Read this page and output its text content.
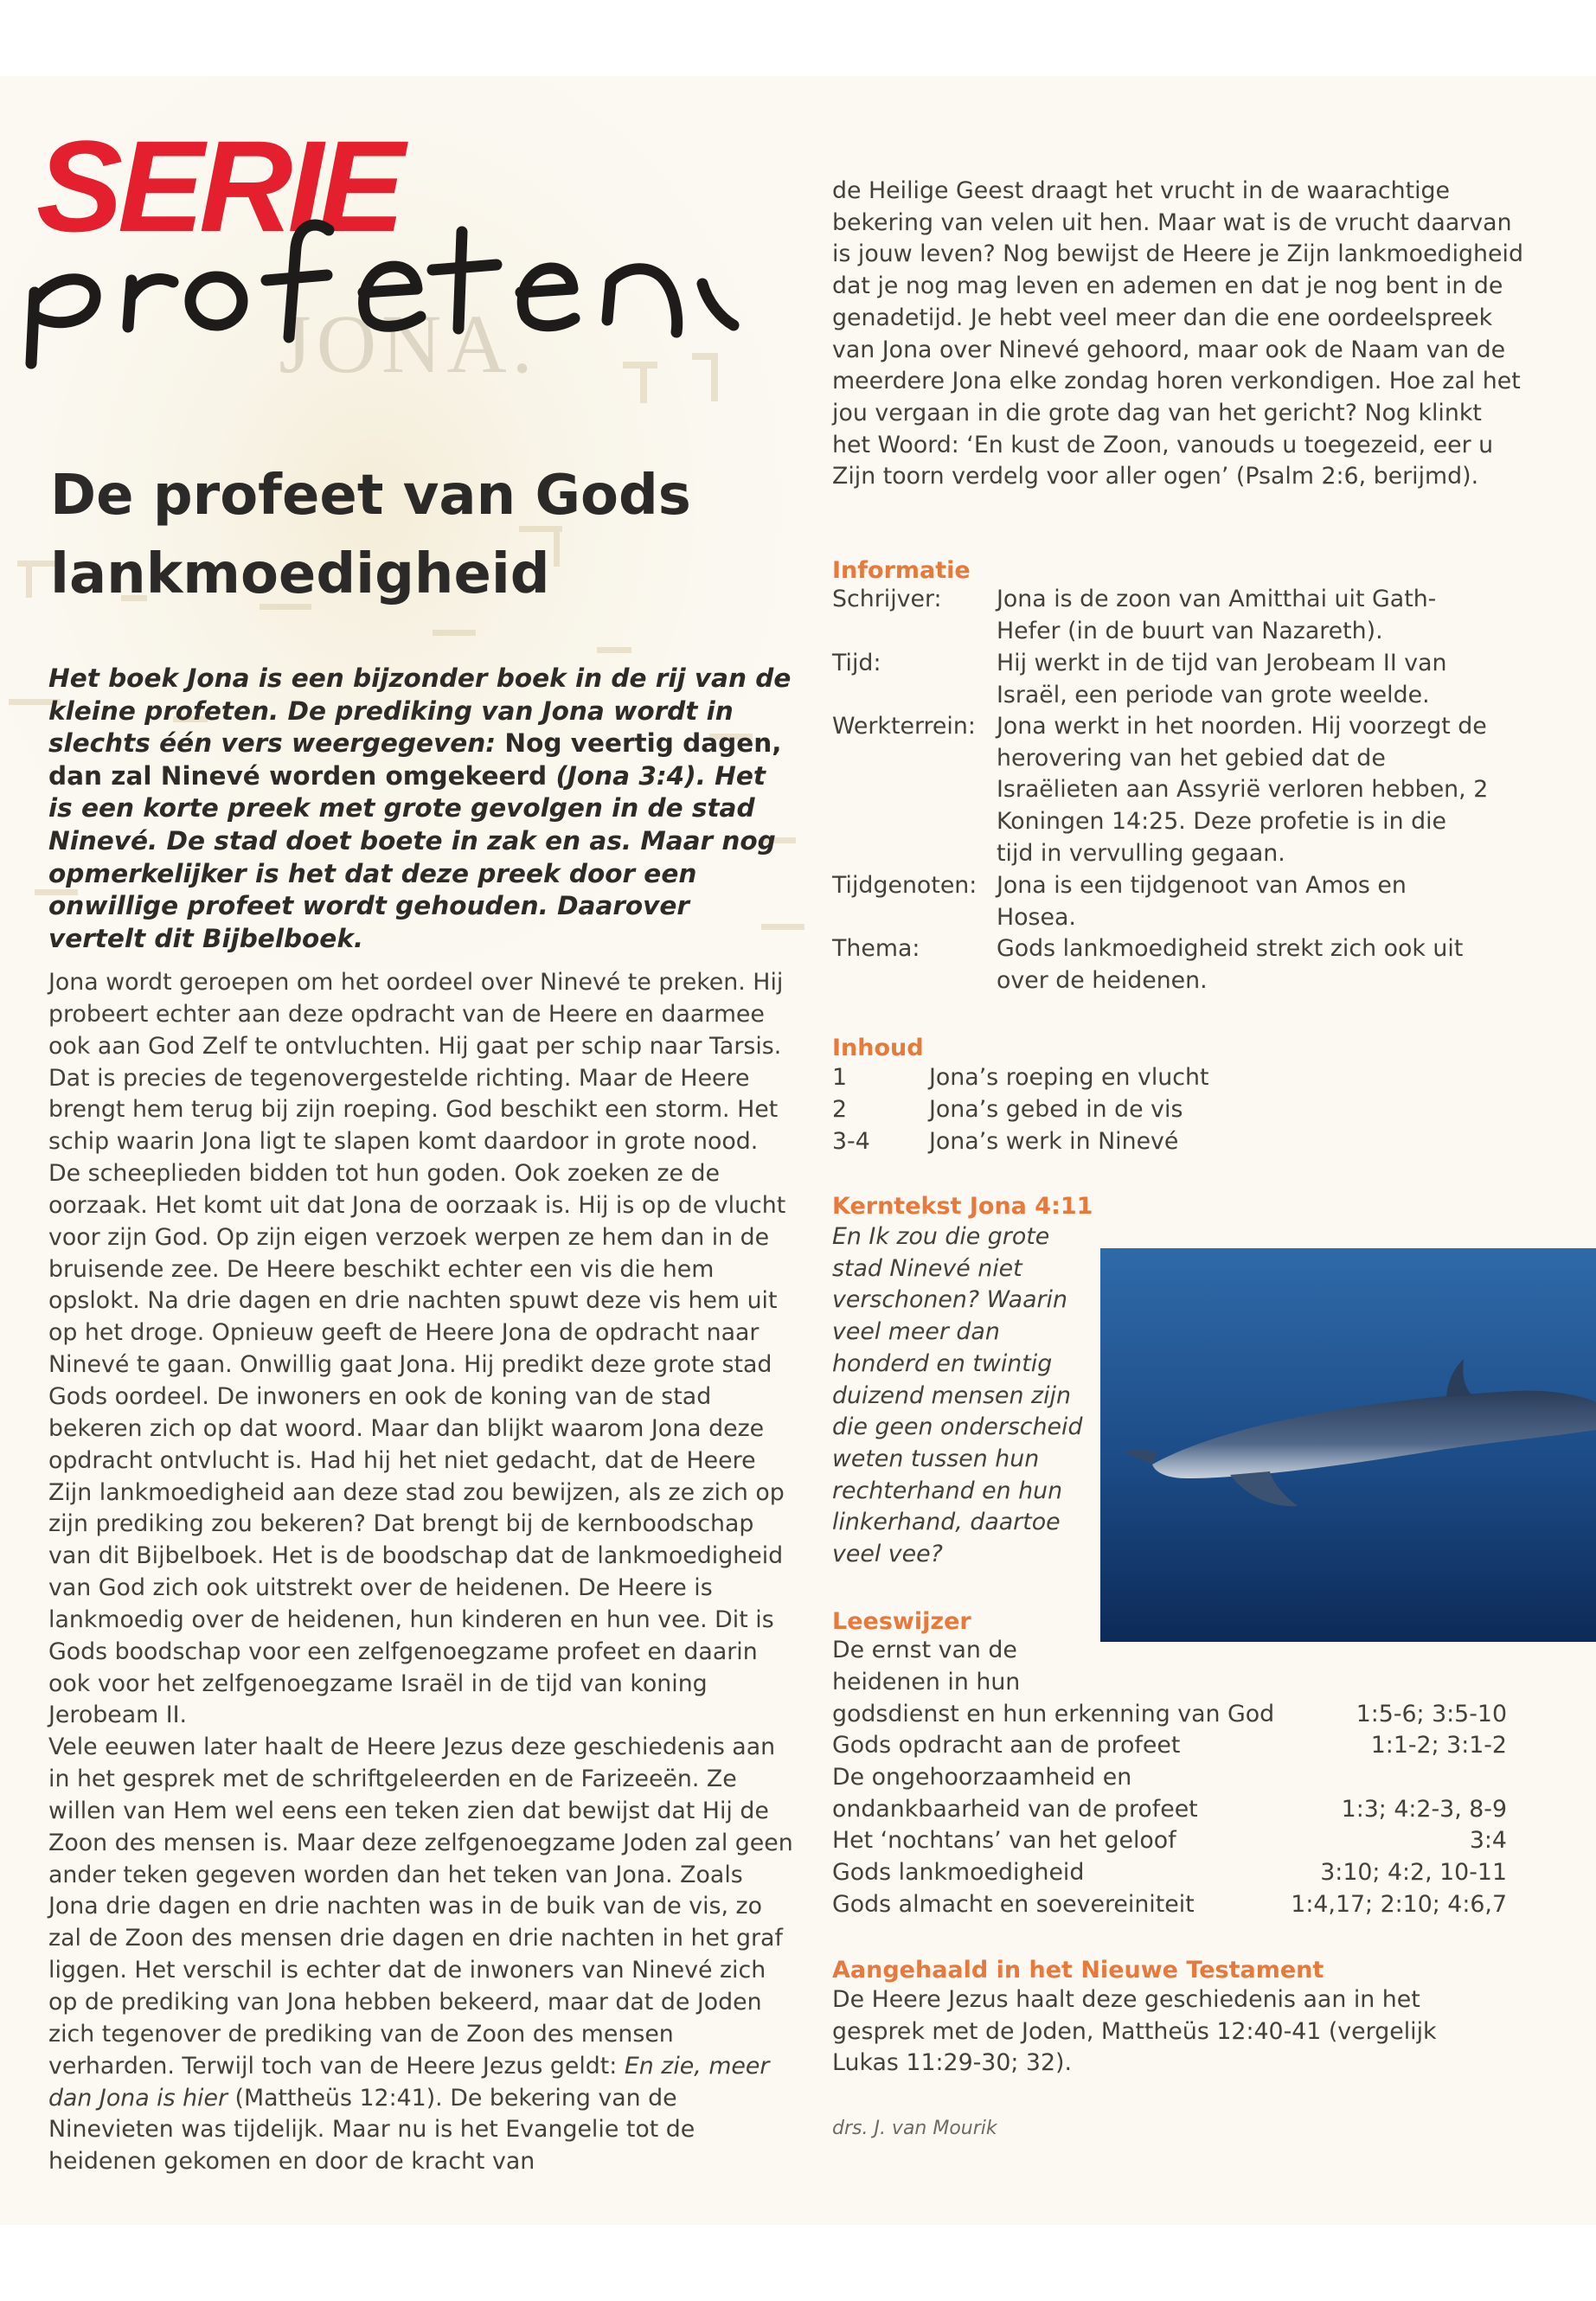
SERIE
JONA.
De profeet van Gods lankmoedigheid

Het boek Jona is een bijzonder boek in de rij van de kleine profeten. De prediking van Jona wordt in slechts één vers weergegeven: Nog veertig dagen, dan zal Ninevé worden omgekeerd (Jona 3:4). Het is een korte preek met grote gevolgen in de stad Ninevé. De stad doet boete in zak en as. Maar nog opmerkelijker is het dat deze preek door een onwillige profeet wordt gehouden. Daarover vertelt dit Bijbelboek.

Jona wordt geroepen om het oordeel over Ninevé te preken. Hij probeert echter aan deze opdracht van de Heere en daarmee ook aan God Zelf te ontvluchten. Hij gaat per schip naar Tarsis. Dat is precies de tegenovergestelde richting. Maar de Heere brengt hem terug bij zijn roeping. God beschikt een storm. Het schip waarin Jona ligt te slapen komt daardoor in grote nood. De scheeplieden bidden tot hun goden. Ook zoeken ze de oorzaak. Het komt uit dat Jona de oorzaak is. Hij is op de vlucht voor zijn God. Op zijn eigen verzoek werpen ze hem dan in de bruisende zee. De Heere beschikt echter een vis die hem opslokt. Na drie dagen en drie nachten spuwt deze vis hem uit op het droge. Opnieuw geeft de Heere Jona de opdracht naar Ninevé te gaan. Onwillig gaat Jona. Hij predikt deze grote stad Gods oordeel. De inwoners en ook de koning van de stad bekeren zich op dat woord. Maar dan blijkt waarom Jona deze opdracht ontvlucht is. Had hij het niet gedacht, dat de Heere Zijn lankmoedigheid aan deze stad zou bewijzen, als ze zich op zijn prediking zou bekeren? Dat brengt bij de kernboodschap van dit Bijbelboek. Het is de boodschap dat de lankmoedigheid van God zich ook uitstrekt over de heidenen. De Heere is lankmoedig over de heidenen, hun kinderen en hun vee. Dit is Gods boodschap voor een zelfgenoegzame profeet en daarin ook voor het zelfgenoegzame Israël in de tijd van koning Jerobeam II.
Vele eeuwen later haalt de Heere Jezus deze geschiedenis aan in het gesprek met de schriftgeleerden en de Farizeeën. Ze willen van Hem wel eens een teken zien dat bewijst dat Hij de Zoon des mensen is. Maar deze zelfgenoegzame Joden zal geen ander teken gegeven worden dan het teken van Jona. Zoals Jona drie dagen en drie nachten was in de buik van de vis, zo zal de Zoon des mensen drie dagen en drie nachten in het graf liggen. Het verschil is echter dat de inwoners van Ninevé zich op de prediking van Jona hebben bekeerd, maar dat de Joden zich tegenover de prediking van de Zoon des mensen verharden. Terwijl toch van de Heere Jezus geldt: En zie, meer dan Jona is hier (Mattheüs 12:41). De bekering van de Ninevieten was tijdelijk. Maar nu is het Evangelie tot de heidenen gekomen en door de kracht van

de Heilige Geest draagt het vrucht in de waarachtige bekering van velen uit hen. Maar wat is de vrucht daarvan is jouw leven? Nog bewijst de Heere je Zijn lankmoedigheid dat je nog mag leven en ademen en dat je nog bent in de genadetijd. Je hebt veel meer dan die ene oordeelspreek van Jona over Ninevé gehoord, maar ook de Naam van de meerdere Jona elke zondag horen verkondigen. Hoe zal het jou vergaan in die grote dag van het gericht? Nog klinkt het Woord: ‘En kust de Zoon, vanouds u toegezeid, eer u Zijn toorn verdelg voor aller ogen’ (Psalm 2:6, berijmd).

Informatie
Schrijver: Jona is de zoon van Amitthai uit Gath-Hefer (in de buurt van Nazareth).
Tijd:	Hij werkt in de tijd van Jerobeam II van Israël, een periode van grote weelde.
Werkterrein: Jona werkt in het noorden. Hij voorzegt de herovering van het gebied dat de Israëlieten aan Assyrië verloren hebben, 2 Koningen 14:25. Deze profetie is in die tijd in vervulling gegaan.
Tijdgenoten: Jona is een tijdgenoot van Amos en Hosea.
Thema:	Gods lankmoedigheid strekt zich ook uit over de heidenen.
Inhoud
1	Jona’s roeping en vlucht
2	Jona’s gebed in de vis
3-4	Jona’s werk in Ninevé
Kerntekst Jona 4:11

En Ik zou die grote stad Ninevé niet verschonen? Waarin veel meer dan honderd en twintig duizend mensen zijn die geen onderscheid weten tussen hun rechterhand en hun linkerhand, daartoe veel vee?

Leeswijzer
De ernst van de
heidenen in hun
godsdienst en hun erkenning van God	1:5-6; 3:5-10
Gods opdracht aan de profeet	1:1-2; 3:1-2
De ongehoorzaamheid en
ondankbaarheid van de profeet	1:3; 4:2-3, 8-9
Het ‘nochtans’ van het geloof	3:4
Gods lankmoedigheid	3:10; 4:2, 10-11
Gods almacht en soevereiniteit	1:4,17; 2:10; 4:6,7
Aangehaald in het Nieuwe Testament

De Heere Jezus haalt deze geschiedenis aan in het gesprek met de Joden, Mattheüs 12:40-41 (vergelijk Lukas 11:29-30; 32).

drs. J. van Mourik
